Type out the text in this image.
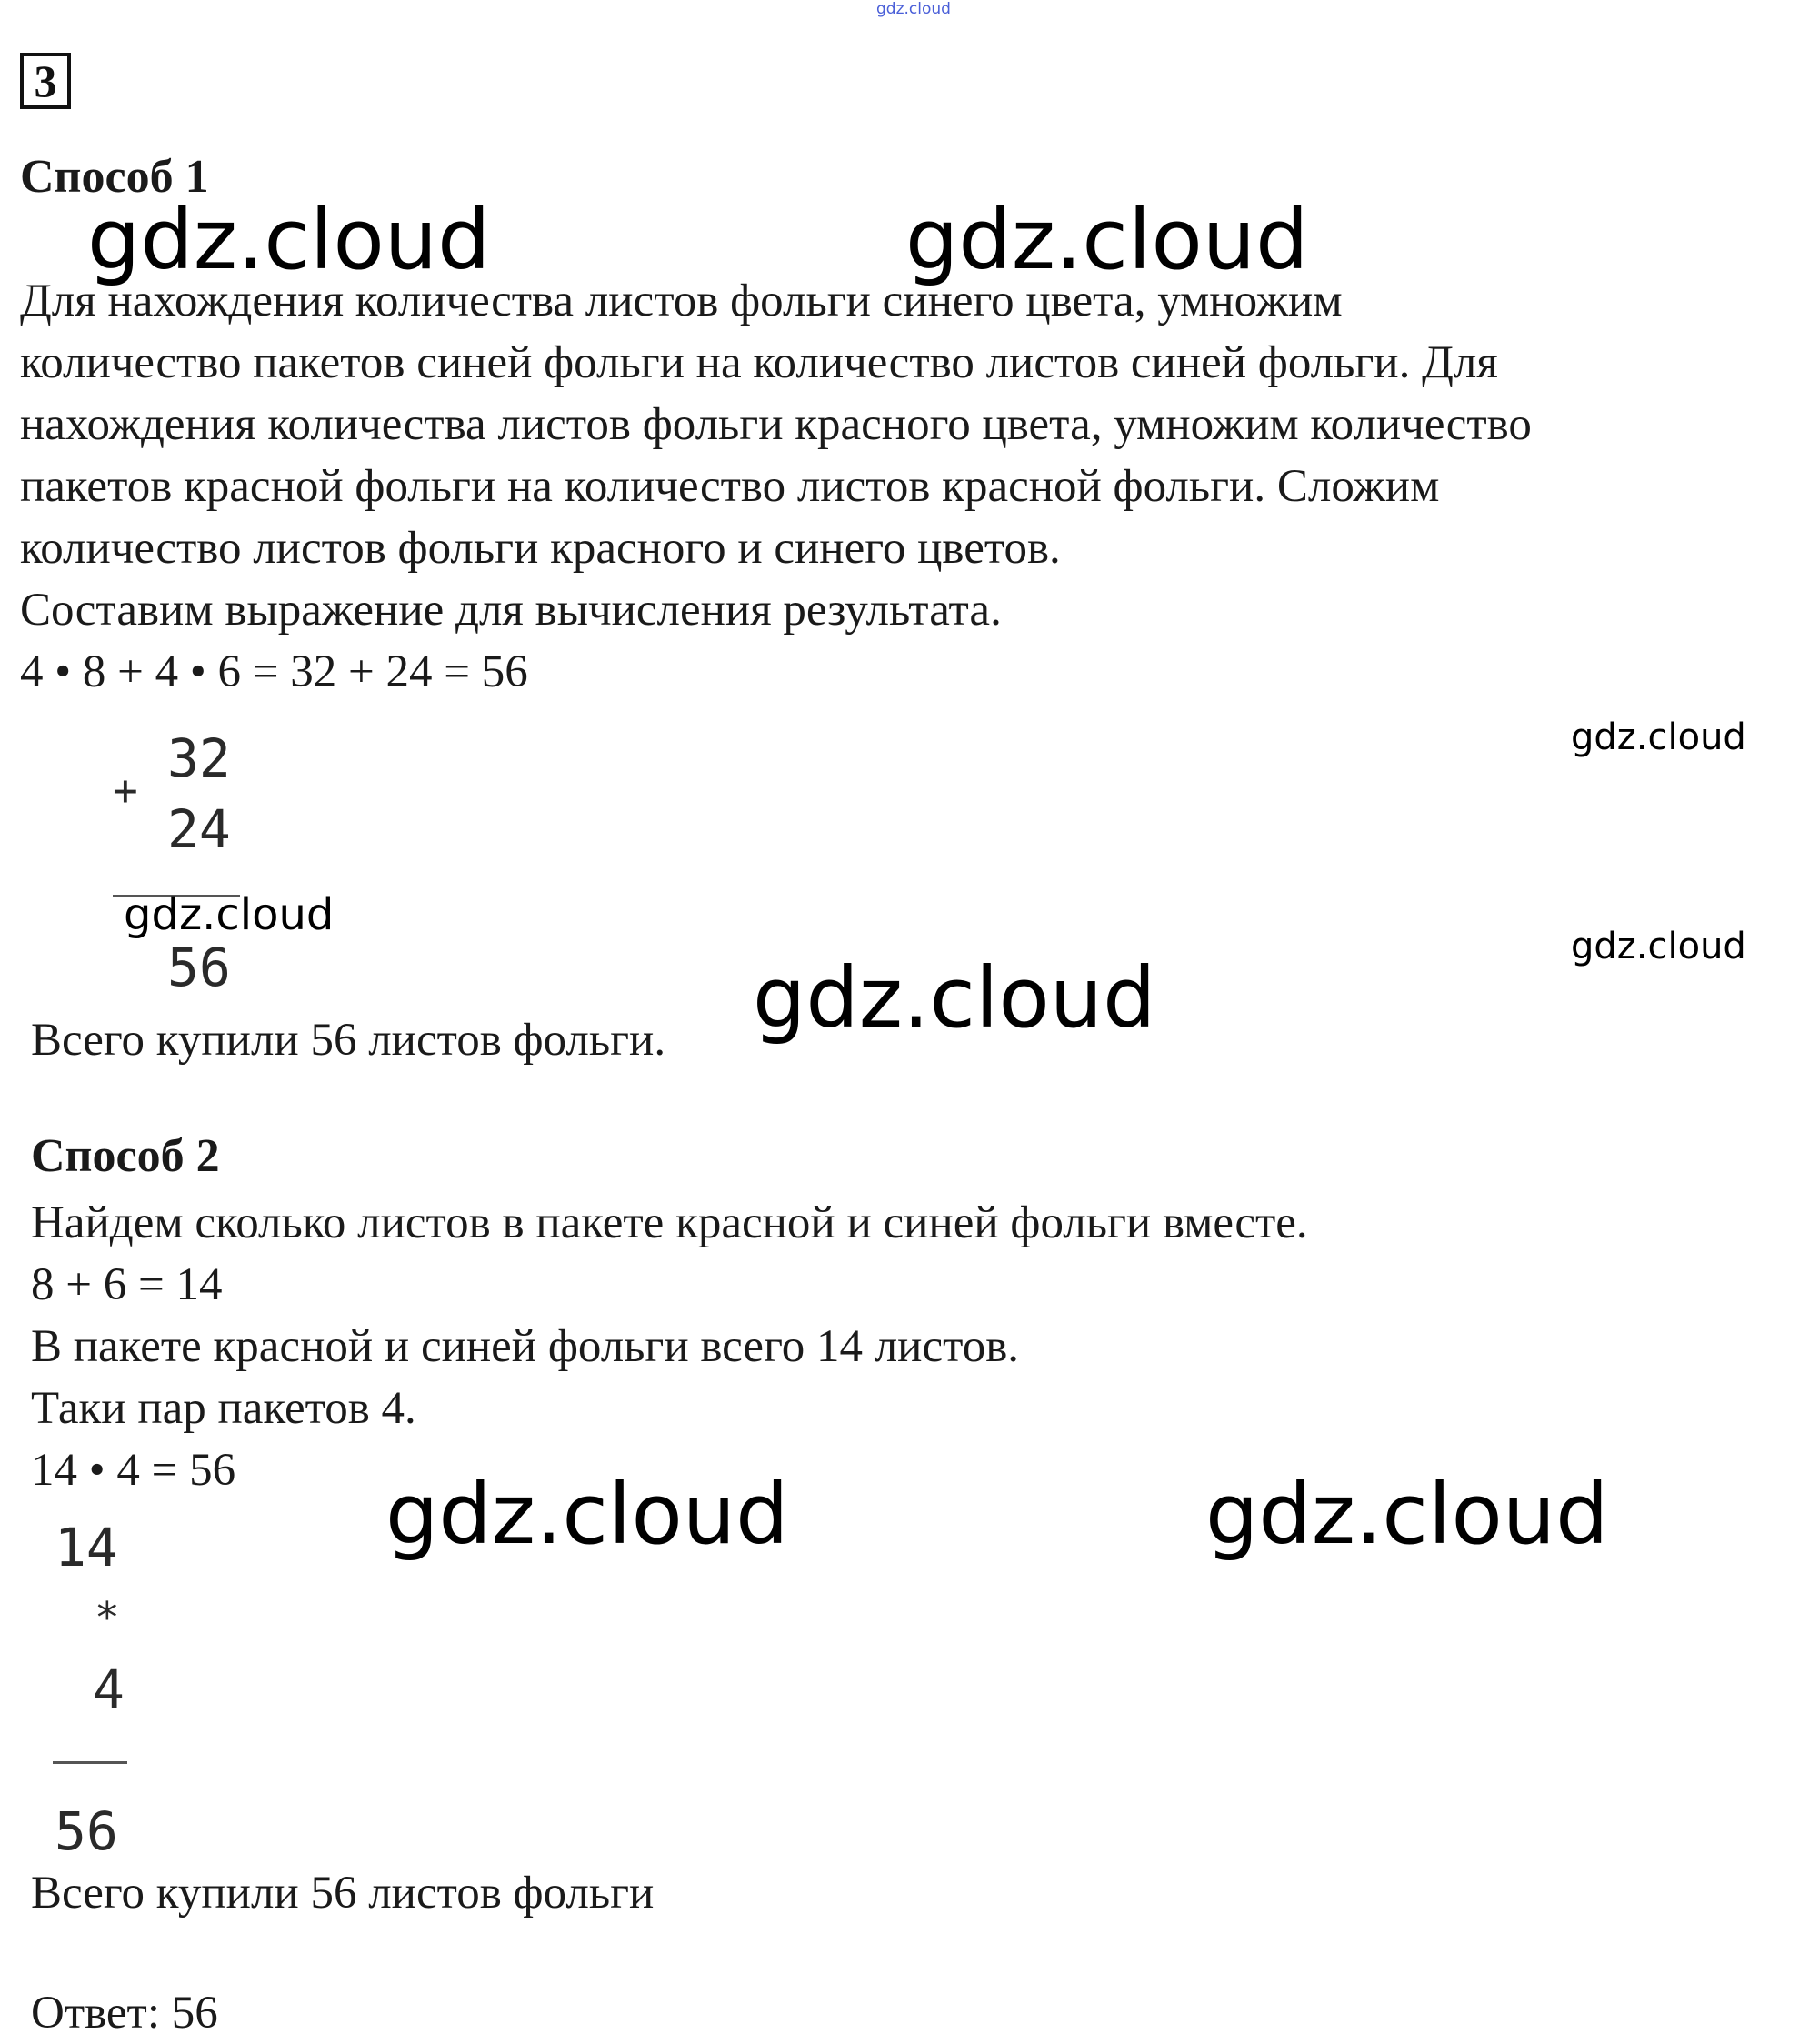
gdz.cloud
3
Способ 1
Для нахождения количества листов фольги синего цвета, умножим
количество пакетов синей фольги на количество листов синей фольги. Для
нахождения количества листов фольги красного цвета, умножим количество
пакетов красной фольги на количество листов красной фольги. Сложим
количество листов фольги красного и синего цветов.
Составим выражение для вычисления результата.
4 • 8 + 4 • 6 = 32 + 24 = 56
+
32
24
56
Всего купили 56 листов фольги.
Способ 2
Найдем сколько листов в пакете красной и синей фольги вместе.
8 + 6 = 14
В пакете красной и синей фольги всего 14 листов.
Таки пар пакетов 4.
14 • 4 = 56
14
*
4
56
Всего купили 56 листов фольги
Ответ: 56
gdz.cloud	gdz.cloud
gdz.cloud
gdz.cloud
gdz.cloud
gdz.cloud
gdz.cloud	gdz.cloud
